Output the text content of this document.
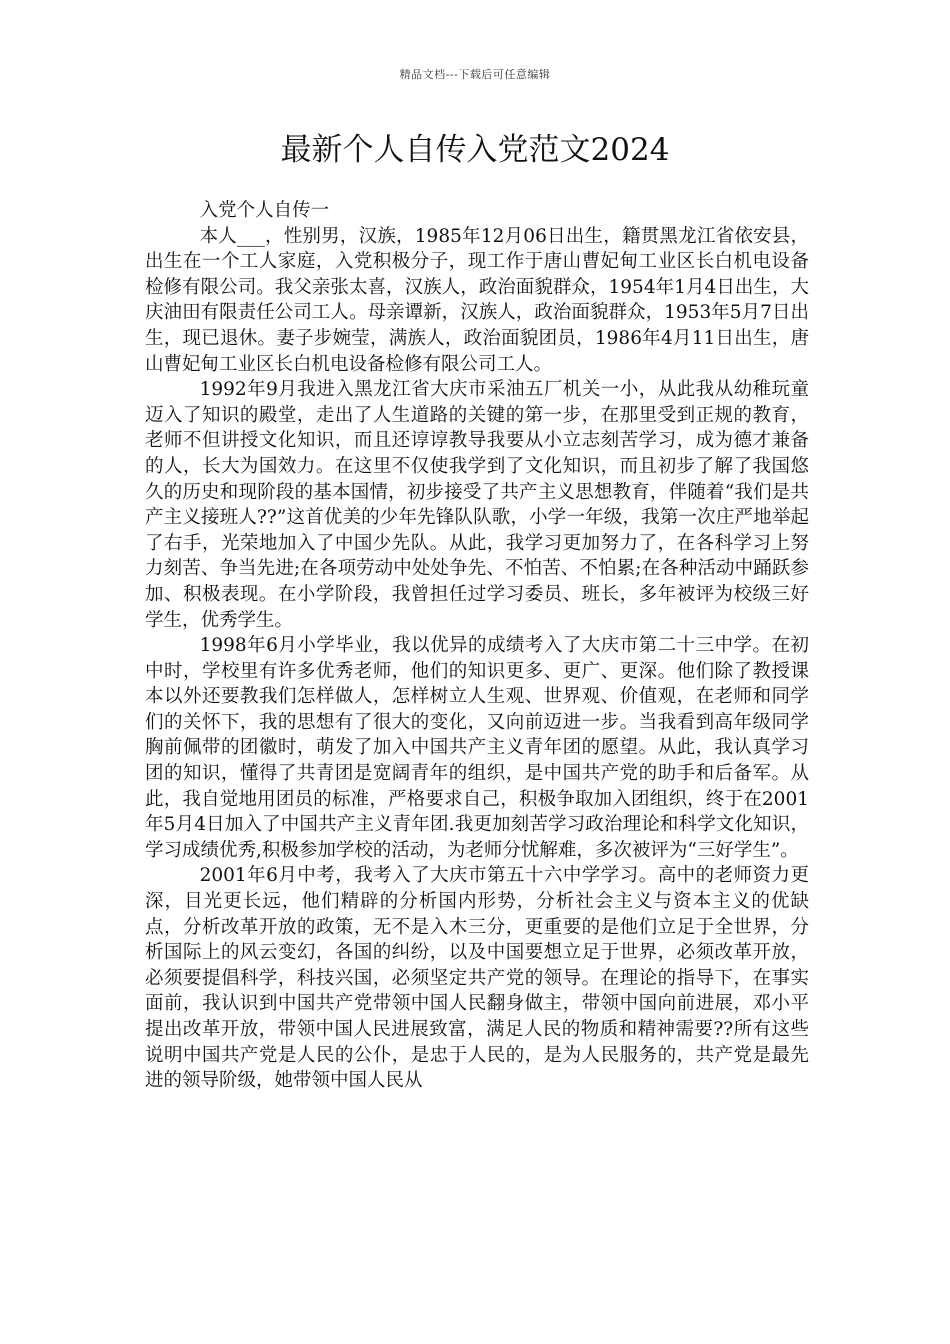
精品文档---下载后可任意编辑
最新个人自传入党范文2024
入党个人自传一

本人___，性别男，汉族，1985年12月06日出生，籍贯黑龙江省依安县，出生在一个工人家庭，入党积极分子，现工作于唐山曹妃甸工业区长白机电设备检修有限公司。我父亲张太喜，汉族人，政治面貌群众，1954年1月4日出生，大庆油田有限责任公司工人。母亲谭新，汉族人，政治面貌群众，1953年5月7日出生，现已退休。妻子步婉莹，满族人，政治面貌团员，1986年4月11日出生，唐山曹妃甸工业区长白机电设备检修有限公司工人。

1992年9月我进入黑龙江省大庆市采油五厂机关一小，从此我从幼稚玩童迈入了知识的殿堂，走出了人生道路的关键的第一步，在那里受到正规的教育，老师不但讲授文化知识，而且还谆谆教导我要从小立志刻苦学习，成为德才兼备的人，长大为国效力。在这里不仅使我学到了文化知识，而且初步了解了我国悠久的历史和现阶段的基本国情，初步接受了共产主义思想教育，伴随着“我们是共产主义接班人??”这首优美的少年先锋队队歌，小学一年级，我第一次庄严地举起了右手，光荣地加入了中国少先队。从此，我学习更加努力了，在各科学习上努力刻苦、争当先进;在各项劳动中处处争先、不怕苦、不怕累;在各种活动中踊跃参加、积极表现。在小学阶段，我曾担任过学习委员、班长，多年被评为校级三好学生，优秀学生。

1998年6月小学毕业，我以优异的成绩考入了大庆市第二十三中学。在初中时，学校里有许多优秀老师，他们的知识更多、更广、更深。他们除了教授课本以外还要教我们怎样做人，怎样树立人生观、世界观、价值观，在老师和同学们的关怀下，我的思想有了很大的变化，又向前迈进一步。当我看到高年级同学胸前佩带的团徽时，萌发了加入中国共产主义青年团的愿望。从此，我认真学习团的知识，懂得了共青团是宽阔青年的组织，是中国共产党的助手和后备军。从此，我自觉地用团员的标准，严格要求自己，积极争取加入团组织，终于在2001年5月4日加入了中国共产主义青年团.我更加刻苦学习政治理论和科学文化知识，学习成绩优秀,积极参加学校的活动，为老师分忧解难，多次被评为“三好学生”。

2001年6月中考，我考入了大庆市第五十六中学学习。高中的老师资力更深，目光更长远，他们精辟的分析国内形势，分析社会主义与资本主义的优缺点，分析改革开放的政策，无不是入木三分，更重要的是他们立足于全世界，分析国际上的风云变幻，各国的纠纷，以及中国要想立足于世界，必须改革开放，必须要提倡科学，科技兴国，必须坚定共产党的领导。在理论的指导下，在事实面前，我认识到中国共产党带领中国人民翻身做主，带领中国向前进展，邓小平提出改革开放，带领中国人民进展致富，满足人民的物质和精神需要??所有这些说明中国共产党是人民的公仆，是忠于人民的，是为人民服务的，共产党是最先进的领导阶级，她带领中国人民从
